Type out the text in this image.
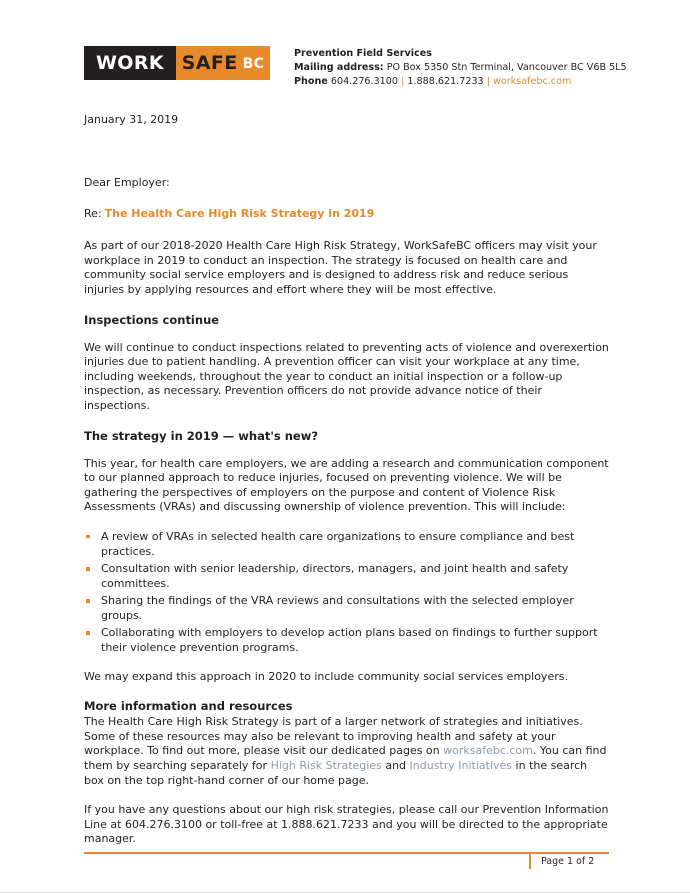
WORK SAFE BC
Prevention Field Services
Mailing address: PO Box 5350 Stn Terminal, Vancouver BC V6B 5L5
Phone 604.276.3100 | 1.888.621.7233 | worksafebc.com
January 31, 2019

Dear Employer:

Re: The Health Care High Risk Strategy in 2019

As part of our 2018-2020 Health Care High Risk Strategy, WorkSafeBC officers may visit your workplace in 2019 to conduct an inspection. The strategy is focused on health care and community social service employers and is designed to address risk and reduce serious injuries by applying resources and effort where they will be most effective.

Inspections continue

We will continue to conduct inspections related to preventing acts of violence and overexertion injuries due to patient handling. A prevention officer can visit your workplace at any time, including weekends, throughout the year to conduct an initial inspection or a follow-up inspection, as necessary. Prevention officers do not provide advance notice of their inspections.

The strategy in 2019 — what's new?

This year, for health care employers, we are adding a research and communication component to our planned approach to reduce injuries, focused on preventing violence. We will be gathering the perspectives of employers on the purpose and content of Violence Risk Assessments (VRAs) and discussing ownership of violence prevention. This will include:

A review of VRAs in selected health care organizations to ensure compliance and best practices.
Consultation with senior leadership, directors, managers, and joint health and safety committees.
Sharing the findings of the VRA reviews and consultations with the selected employer groups.
Collaborating with employers to develop action plans based on findings to further support their violence prevention programs.

We may expand this approach in 2020 to include community social services employers.

More information and resources

The Health Care High Risk Strategy is part of a larger network of strategies and initiatives. Some of these resources may also be relevant to improving health and safety at your workplace. To find out more, please visit our dedicated pages on worksafebc.com. You can find them by searching separately for High Risk Strategies and Industry Initiatives in the search box on the top right-hand corner of our home page.

If you have any questions about our high risk strategies, please call our Prevention Information Line at 604.276.3100 or toll-free at 1.888.621.7233 and you will be directed to the appropriate manager.

Page 1 of 2
